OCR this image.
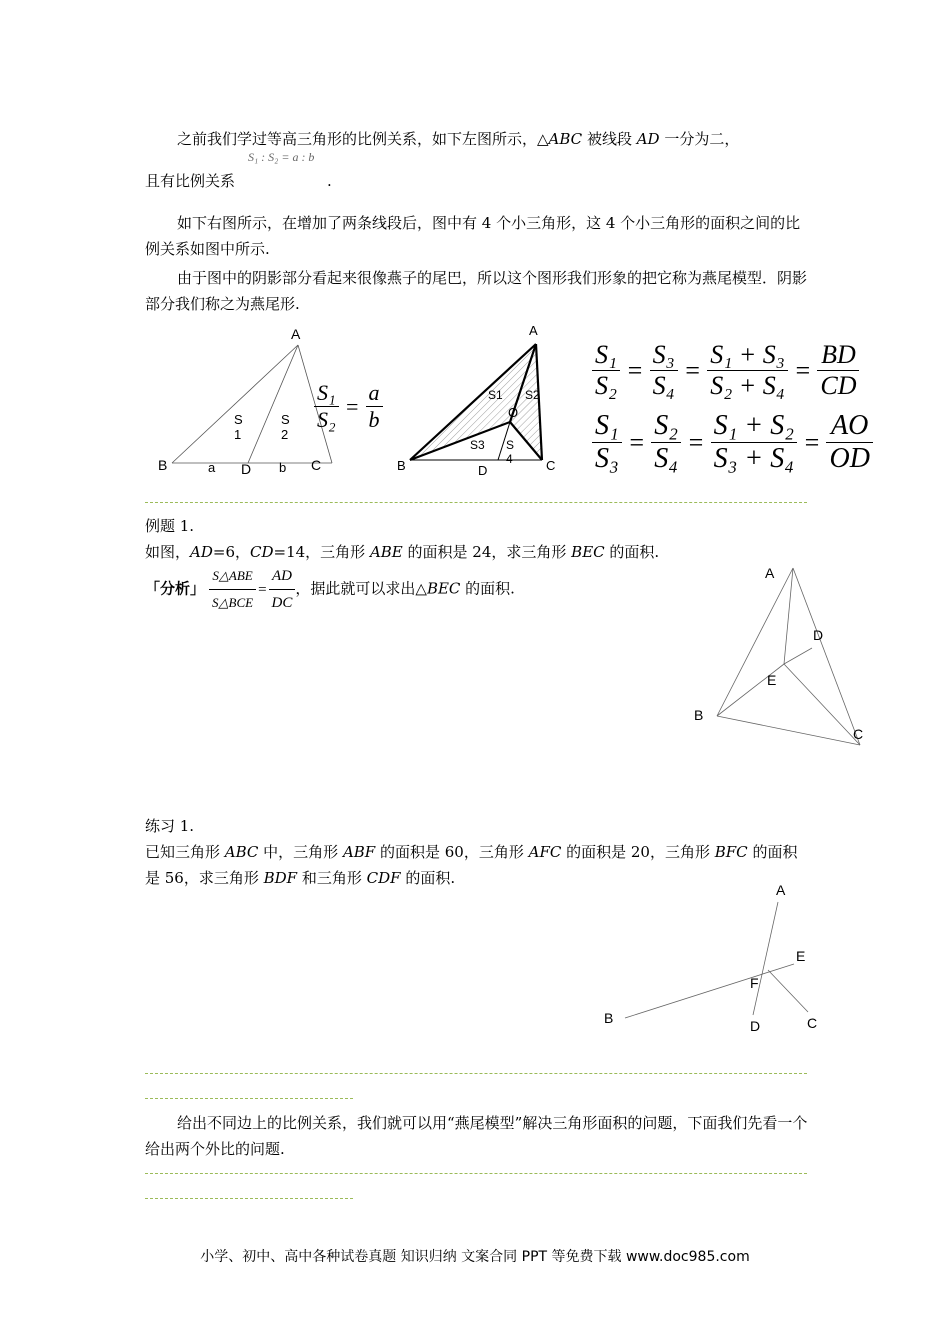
之前我们学过等高三角形的比例关系，如下左图所示，△ABC 被线段 AD 一分为二，
S₁ : S₂ = a : b
且有比例关系	.
如下右图所示，在增加了两条线段后，图中有 4 个小三角形，这 4 个小三角形的面积之间的比例关系如图中所示.
由于图中的阴影部分看起来很像燕子的尾巴，所以这个图形我们形象的把它称为燕尾模型．阴影部分我们称之为燕尾形.
A
B	C
D
a	b
S
1
S
2
$\frac{\text{S₁}}{\text{S₂}} = \frac{a}{b}$
A
B	C
D
O
S1 S2
S3 S
4
$\frac{\text{S₁}}{\text{S₂}} = \frac{\text{S₃}}{\text{S₄}} = \frac{\text{S₁ + S₃}}{\text{S₂ + S₄}} = \frac{BD}{CD}$
$\frac{\text{S₁}}{\text{S₃}} = \frac{\text{S₂}}{\text{S₄}} = \frac{\text{S₁ + S₂}}{\text{S₃ + S₄}} = \frac{AO}{OD}$
例题 1.
如图，AD=6，CD=14，三角形 ABE 的面积是 24，求三角形 BEC 的面积.
「分析」 $\frac{\text{S△ABE}}{\text{S△BCE}} = \frac{AD}{DC}$ ，据此就可以求出△BEC 的面积.
A
D
E
B
C
练习 1.
已知三角形 ABC 中，三角形 ABF 的面积是 60，三角形 AFC 的面积是 20，三角形 BFC 的面积是 56，求三角形 BDF 和三角形 CDF 的面积.
A
E
F
B	D	C
给出不同边上的比例关系，我们就可以用“燕尾模型”解决三角形面积的问题，下面我们先看一个给出两个外比的问题.
小学、初中、高中各种试卷真题 知识归纳 文案合同 PPT 等免费下载 www.doc985.com
